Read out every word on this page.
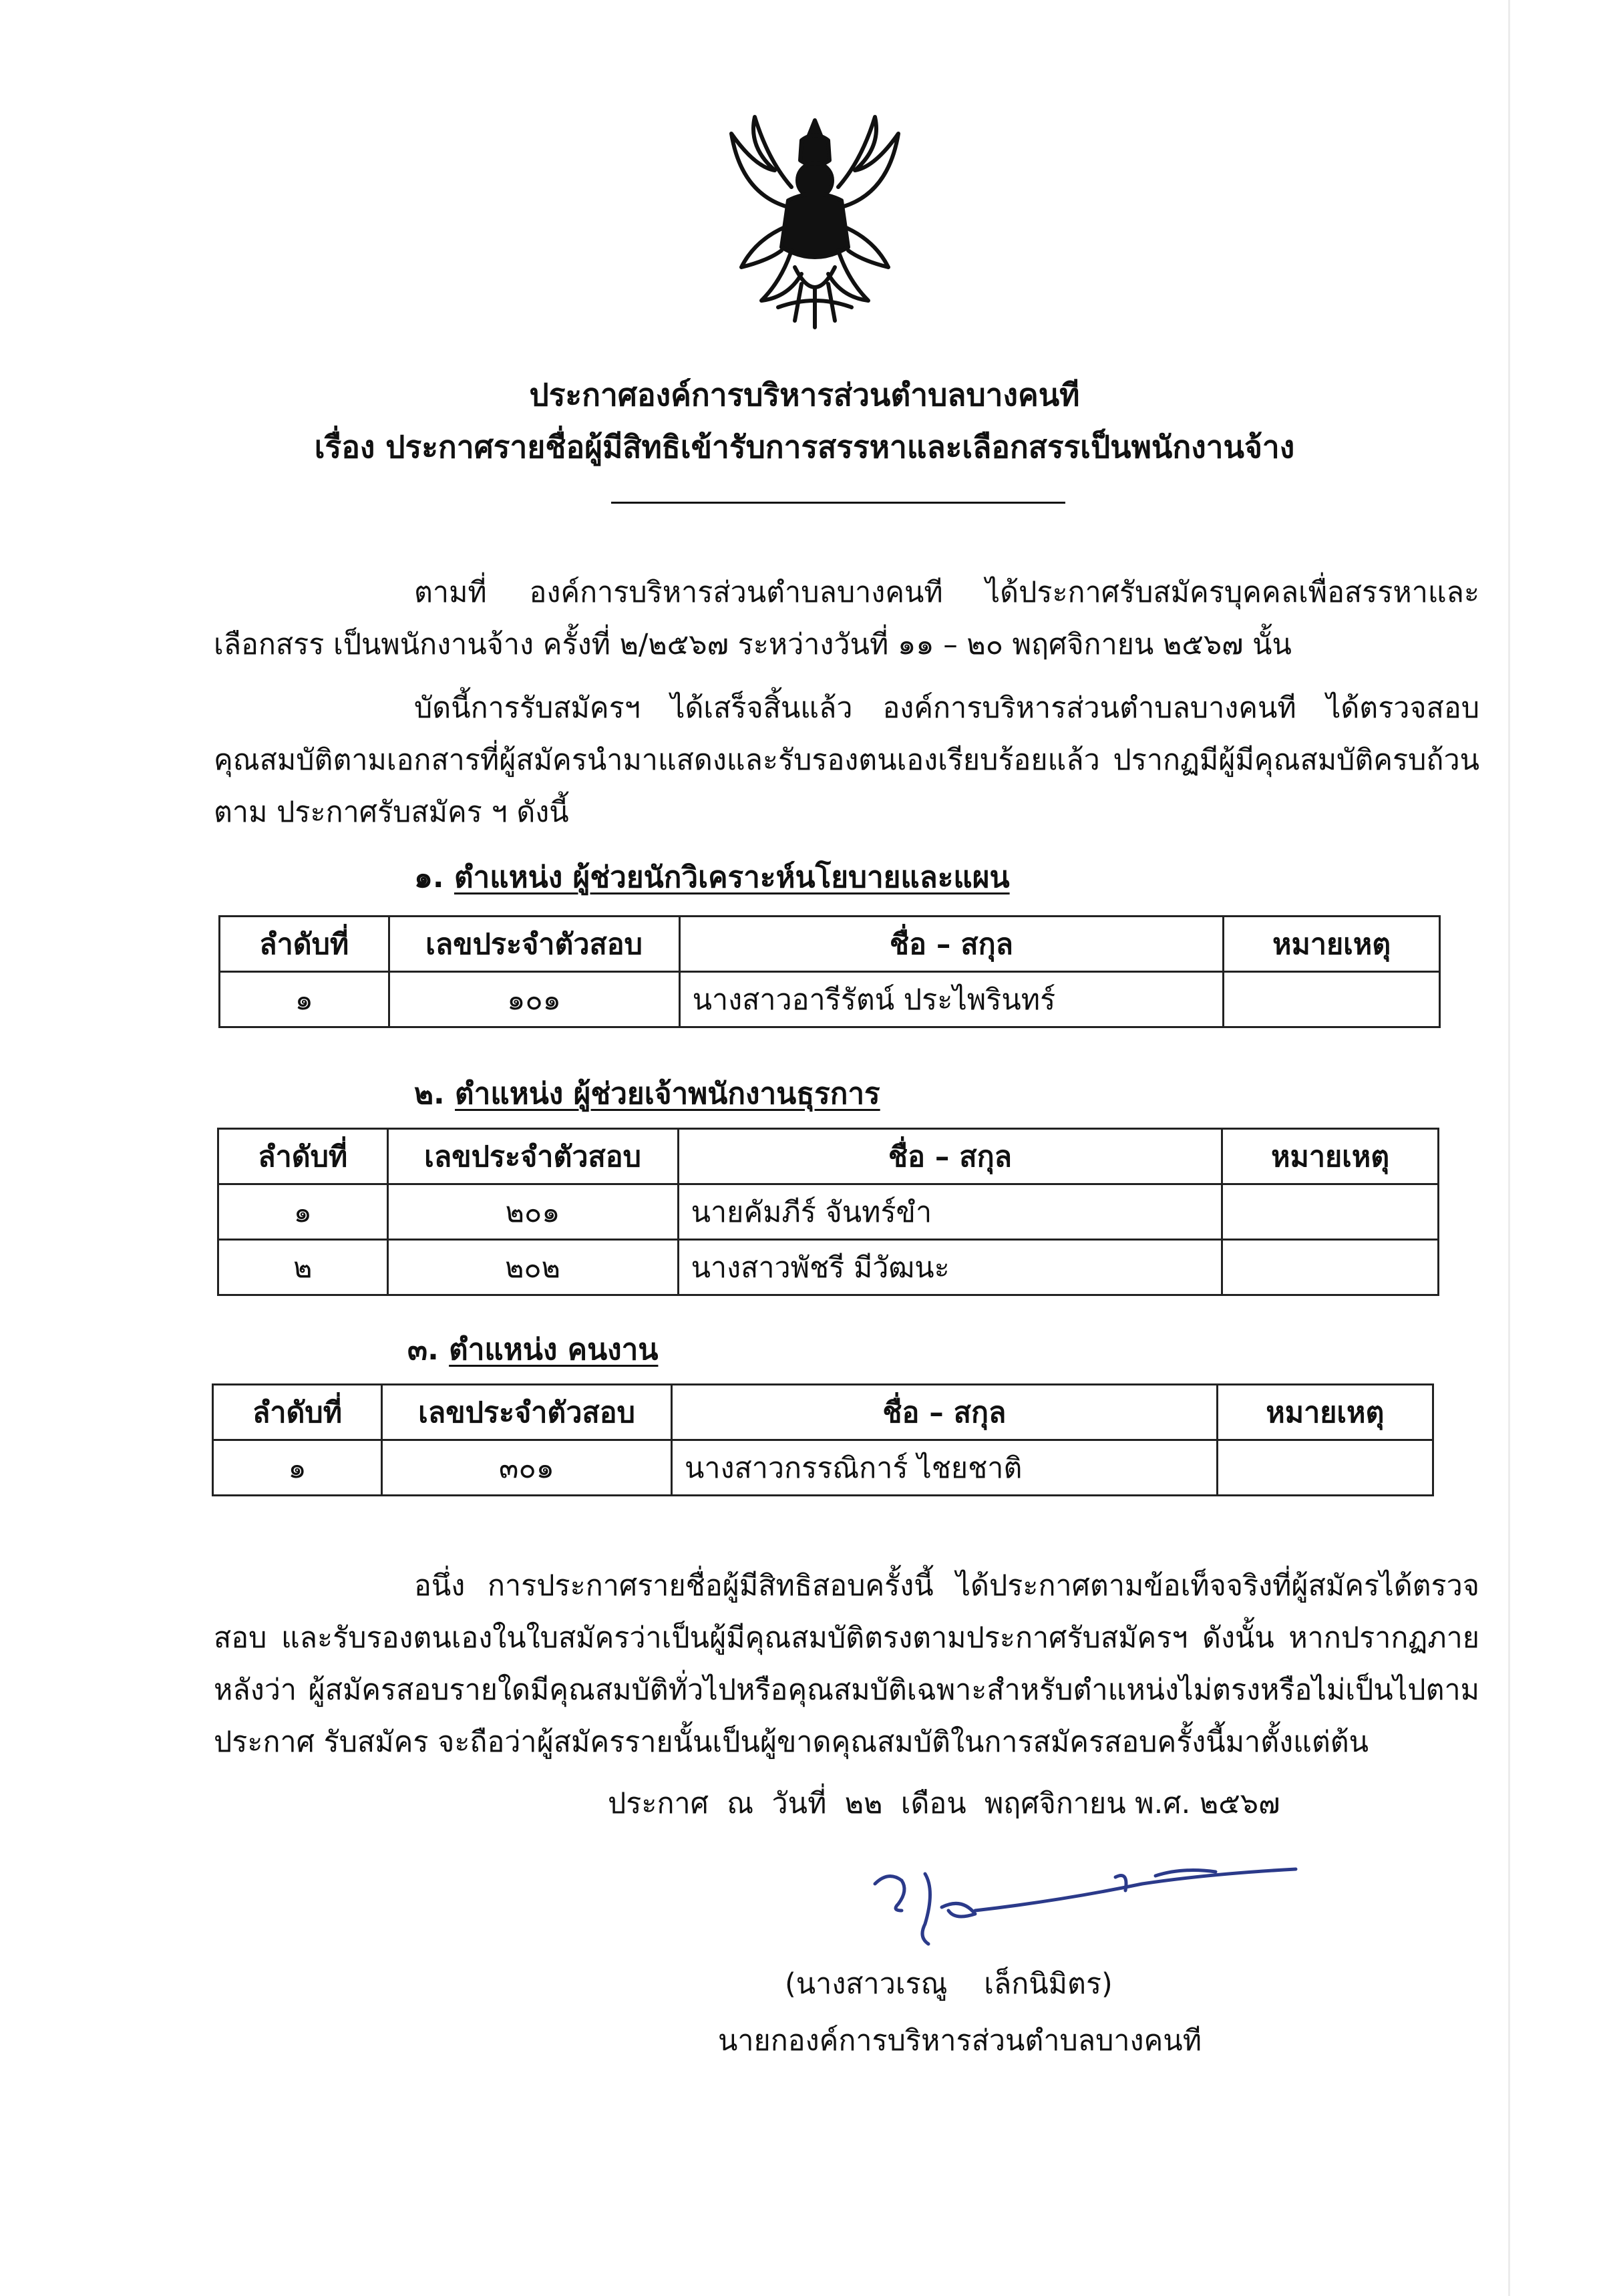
ประกาศองค์การบริหารส่วนตำบลบางคนที
เรื่อง ประกาศรายชื่อผู้มีสิทธิเข้ารับการสรรหาและเลือกสรรเป็นพนักงานจ้าง
ตามที่ องค์การบริหารส่วนตำบลบางคนที ได้ประกาศรับสมัครบุคคลเพื่อสรรหาและเลือกสรร เป็นพนักงานจ้าง ครั้งที่ ๒/๒๕๖๗ ระหว่างวันที่ ๑๑ – ๒๐ พฤศจิกายน ๒๕๖๗ นั้น
บัดนี้การรับสมัครฯ ได้เสร็จสิ้นแล้ว องค์การบริหารส่วนตำบลบางคนที ได้ตรวจสอบ คุณสมบัติตามเอกสารที่ผู้สมัครนำมาแสดงและรับรองตนเองเรียบร้อยแล้ว ปรากฏมีผู้มีคุณสมบัติครบถ้วนตาม ประกาศรับสมัคร ฯ ดังนี้
๑. ตำแหน่ง ผู้ช่วยนักวิเคราะห์นโยบายและแผน
ลำดับที่	เลขประจำตัวสอบ	ชื่อ – สกุล	หมายเหตุ
๑	๑๐๑	นางสาวอารีรัตน์ ประไพรินทร์	
๒. ตำแหน่ง ผู้ช่วยเจ้าพนักงานธุรการ
ลำดับที่	เลขประจำตัวสอบ	ชื่อ – สกุล	หมายเหตุ
๑	๒๐๑	นายคัมภีร์ จันทร์ขำ	
๒	๒๐๒	นางสาวพัชรี มีวัฒนะ	
๓. ตำแหน่ง คนงาน
ลำดับที่	เลขประจำตัวสอบ	ชื่อ – สกุล	หมายเหตุ
๑	๓๐๑	นางสาวกรรณิการ์ ไชยชาติ	
อนึ่ง การประกาศรายชื่อผู้มีสิทธิสอบครั้งนี้ ได้ประกาศตามข้อเท็จจริงที่ผู้สมัครได้ตรวจสอบ และรับรองตนเองในใบสมัครว่าเป็นผู้มีคุณสมบัติตรงตามประกาศรับสมัครฯ ดังนั้น หากปรากฏภายหลังว่า ผู้สมัครสอบรายใดมีคุณสมบัติทั่วไปหรือคุณสมบัติเฉพาะสำหรับตำแหน่งไม่ตรงหรือไม่เป็นไปตามประกาศ รับสมัคร จะถือว่าผู้สมัครรายนั้นเป็นผู้ขาดคุณสมบัติในการสมัครสอบครั้งนี้มาตั้งแต่ต้น
ประกาศ  ณ  วันที่  ๒๒  เดือน  พฤศจิกายน พ.ศ. ๒๕๖๗
(นางสาวเรณู    เล็กนิมิตร)
นายกองค์การบริหารส่วนตำบลบางคนที
